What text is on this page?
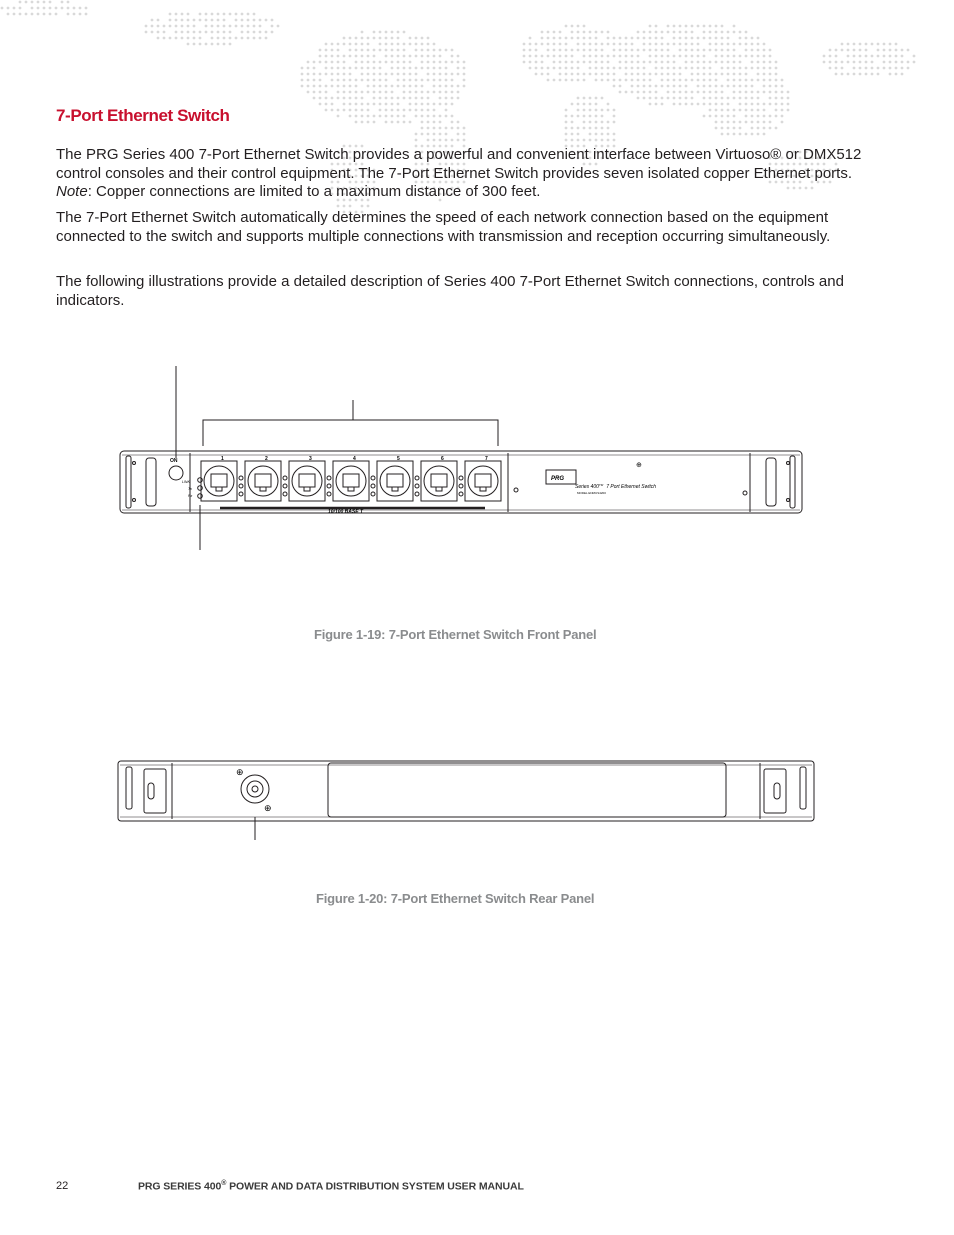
7-Port Ethernet Switch

The PRG Series 400 7-Port Ethernet Switch provides a powerful and convenient interface between Virtuoso® or DMX512 control consoles and their control equipment. The 7-Port Ethernet Switch provides seven isolated copper Ethernet ports. Note: Copper connections are limited to a maximum distance of 300 feet.

The 7-Port Ethernet Switch automatically determines the speed of each network connection based on the equipment connected to the switch and supports multiple connections with transmission and reception occurring simultaneously.

The following illustrations provide a detailed description of Series 400 7-Port Ethernet Switch connections, controls and indicators.

ON
LINK
Tx
Rx
1	2	3	4	5	6	7
10/100 BASE T
PRG
Series 400™ 7 Port Ethernet Switch
MODEL ENMUS4200
⊕

Figure 1-19: 7-Port Ethernet Switch Front Panel

⊕
⊕

Figure 1-20: 7-Port Ethernet Switch Rear Panel

22	PRG SERIES 400® POWER AND DATA DISTRIBUTION SYSTEM USER MANUAL
